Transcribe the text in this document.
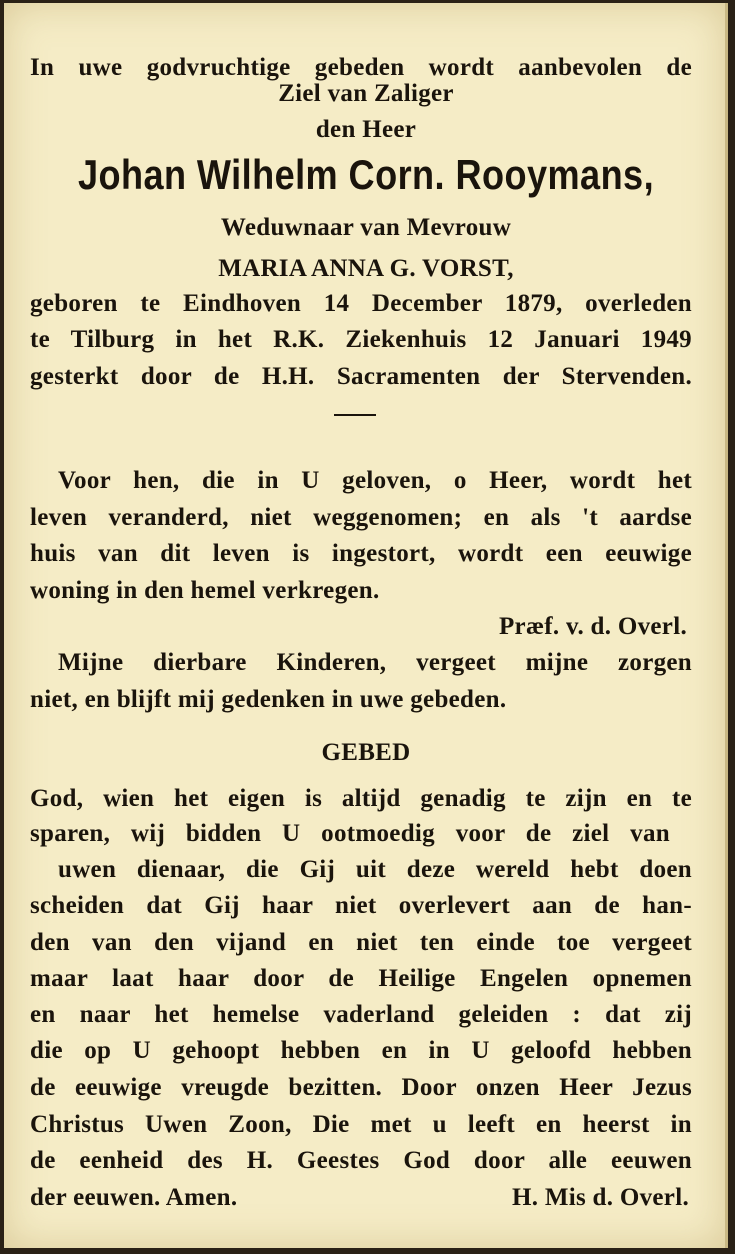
In uwe godvruchtige gebeden wordt aanbevolen de
Ziel van Zaliger
den Heer
Johan Wilhelm Corn. Rooymans,
Weduwnaar van Mevrouw
MARIA ANNA G. VORST,
geboren te Eindhoven 14 December 1879, overleden
te Tilburg in het R.K. Ziekenhuis 12 Januari 1949
gesterkt door de H.H. Sacramenten der Stervenden.
Voor hen, die in U geloven, o Heer, wordt het
leven veranderd, niet weggenomen; en als 't aardse
huis van dit leven is ingestort, wordt een eeuwige
woning in den hemel verkregen.
Præf. v. d. Overl.
Mijne dierbare Kinderen, vergeet mijne zorgen
niet, en blijft mij gedenken in uwe gebeden.
GEBED
God, wien het eigen is altijd genadig te zijn en te
sparen, wij bidden U ootmoedig voor de ziel van
uwen dienaar, die Gij uit deze wereld hebt doen
scheiden dat Gij haar niet overlevert aan de han-
den van den vijand en niet ten einde toe vergeet
maar laat haar door de Heilige Engelen opnemen
en naar het hemelse vaderland geleiden : dat zij
die op U gehoopt hebben en in U geloofd hebben
de eeuwige vreugde bezitten. Door onzen Heer Jezus
Christus Uwen Zoon, Die met u leeft en heerst in
de eenheid des H. Geestes God door alle eeuwen
der eeuwen. Amen.	H. Mis d. Overl.
